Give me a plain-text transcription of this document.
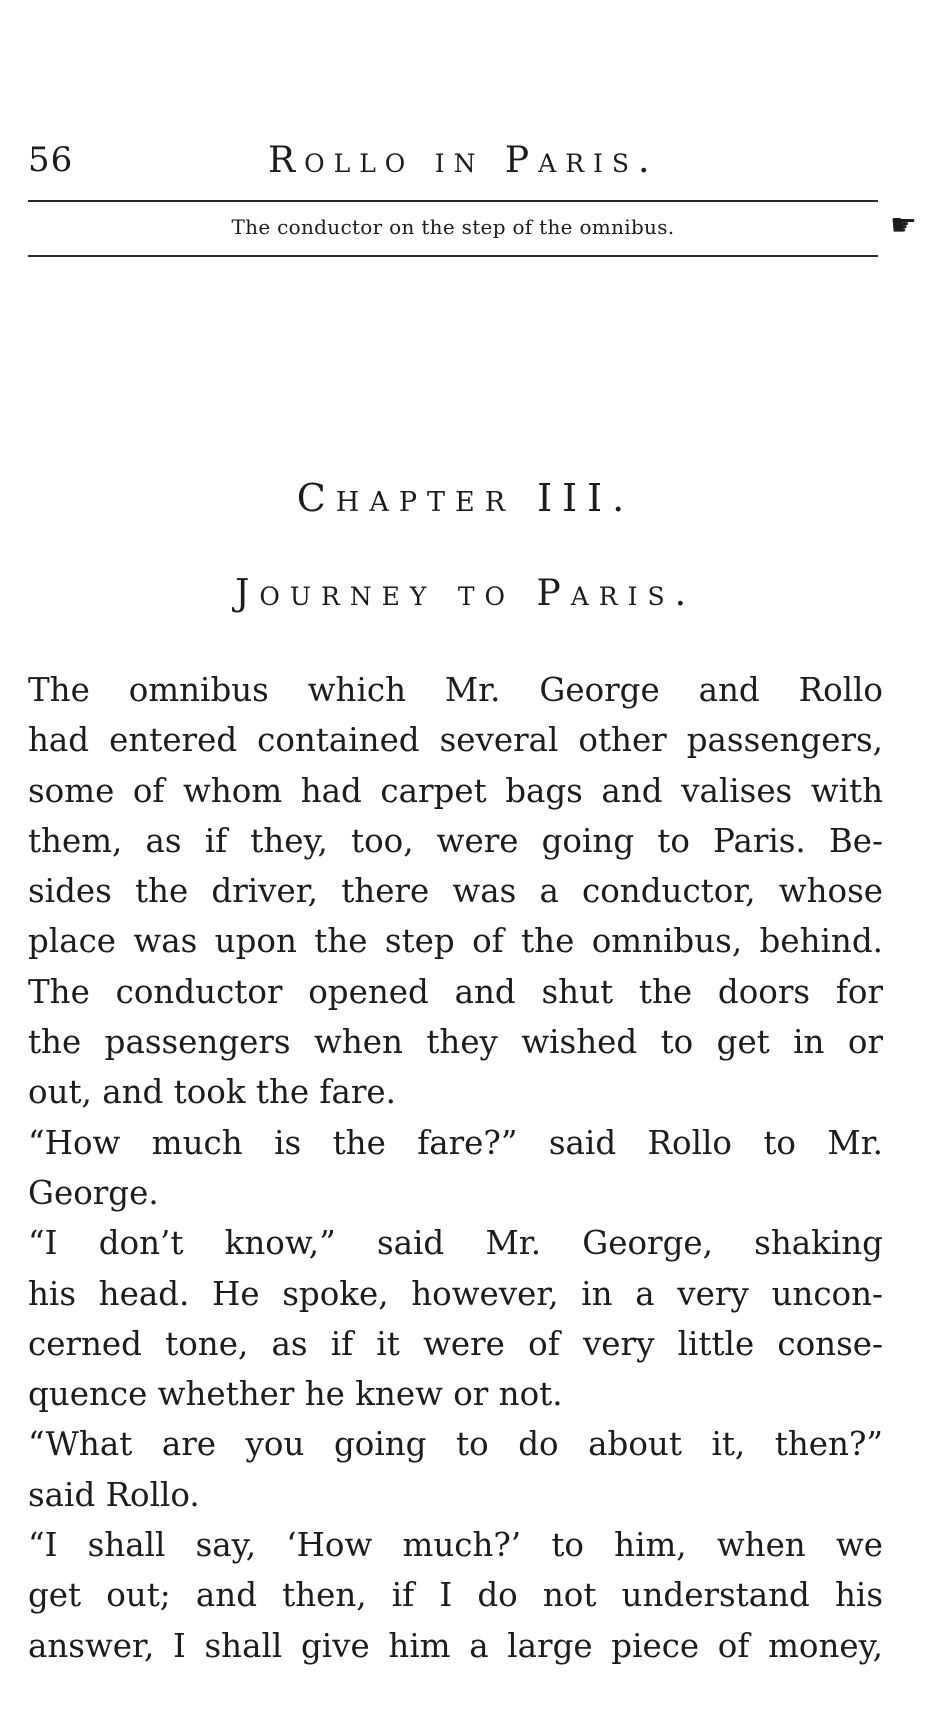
56	Rollo in Paris.
The conductor on the step of the omnibus.	☛
Chapter III.
Journey to Paris.
The omnibus which Mr. George and Rollo
had entered contained several other passengers,
some of whom had carpet bags and valises with
them, as if they, too, were going to Paris. Be-
sides the driver, there was a conductor, whose
place was upon the step of the omnibus, behind.
The conductor opened and shut the doors for
the passengers when they wished to get in or
out, and took the fare.
“How much is the fare?” said Rollo to Mr.
George.
“I don’t know,” said Mr. George, shaking
his head. He spoke, however, in a very uncon-
cerned tone, as if it were of very little conse-
quence whether he knew or not.
“What are you going to do about it, then?”
said Rollo.
“I shall say, ‘How much?’ to him, when we
get out; and then, if I do not understand his
answer, I shall give him a large piece of money,
